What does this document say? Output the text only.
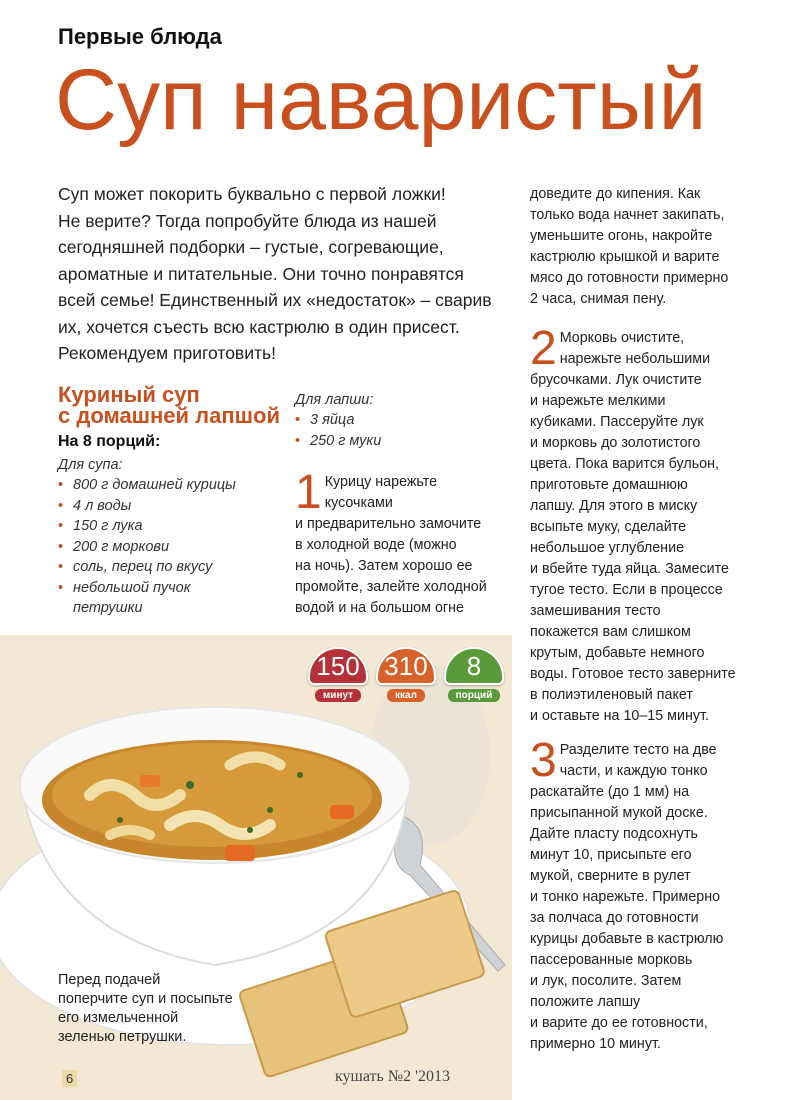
Первые блюда
Суп наваристый
Суп может покорить буквально с первой ложки!
Не верите? Тогда попробуйте блюда из нашей
сегодняшней подборки – густые, согревающие,
ароматные и питательные. Они точно понравятся
всей семье! Единственный их «недостаток» – сварив
их, хочется съесть всю кастрюлю в один присест.
Рекомендуем приготовить!
Куриный суп
с домашней лапшой
На 8 порций:
Для супа:
• 800 г домашней курицы
• 4 л воды
• 150 г лука
• 200 г моркови
• соль, перец по вкусу
• небольшой пучок
петрушки
Для лапши:
• 3 яйца
• 250 г муки
1 Курицу нарежьте
кусочками
и предварительно замочите
в холодной воде (можно
на ночь). Затем хорошо ее
промойте, залейте холодной
водой и на большом огне
доведите до кипения. Как
только вода начнет закипать,
уменьшите огонь, накройте
кастрюлю крышкой и варите
мясо до готовности примерно
2 часа, снимая пену.
2 Морковь очистите,
нарежьте небольшими
брусочками. Лук очистите
и нарежьте мелкими
кубиками. Пассеруйте лук
и морковь до золотистого
цвета. Пока варится бульон,
приготовьте домашнюю
лапшу. Для этого в миску
всыпьте муку, сделайте
небольшое углубление
и вбейте туда яйца. Замесите
тугое тесто. Если в процессе
замешивания тесто
покажется вам слишком
крутым, добавьте немного
воды. Готовое тесто заверните
в полиэтиленовый пакет
и оставьте на 10–15 минут.
3 Разделите тесто на две
части, и каждую тонко
раскатайте (до 1 мм) на
присыпанной мукой доске.
Дайте пласту подсохнуть
минут 10, присыпьте его
мукой, сверните в рулет
и тонко нарежьте. Примерно
за полчаса до готовности
курицы добавьте в кастрюлю
пассерованные морковь
и лук, посолите. Затем
положите лапшу
и варите до ее готовности,
примерно 10 минут.
150
минут
310
ккал
8
порций
Перед подачей
поперчите суп и посыпьте
его измельченной
зеленью петрушки.
6	кушать №2 '2013
